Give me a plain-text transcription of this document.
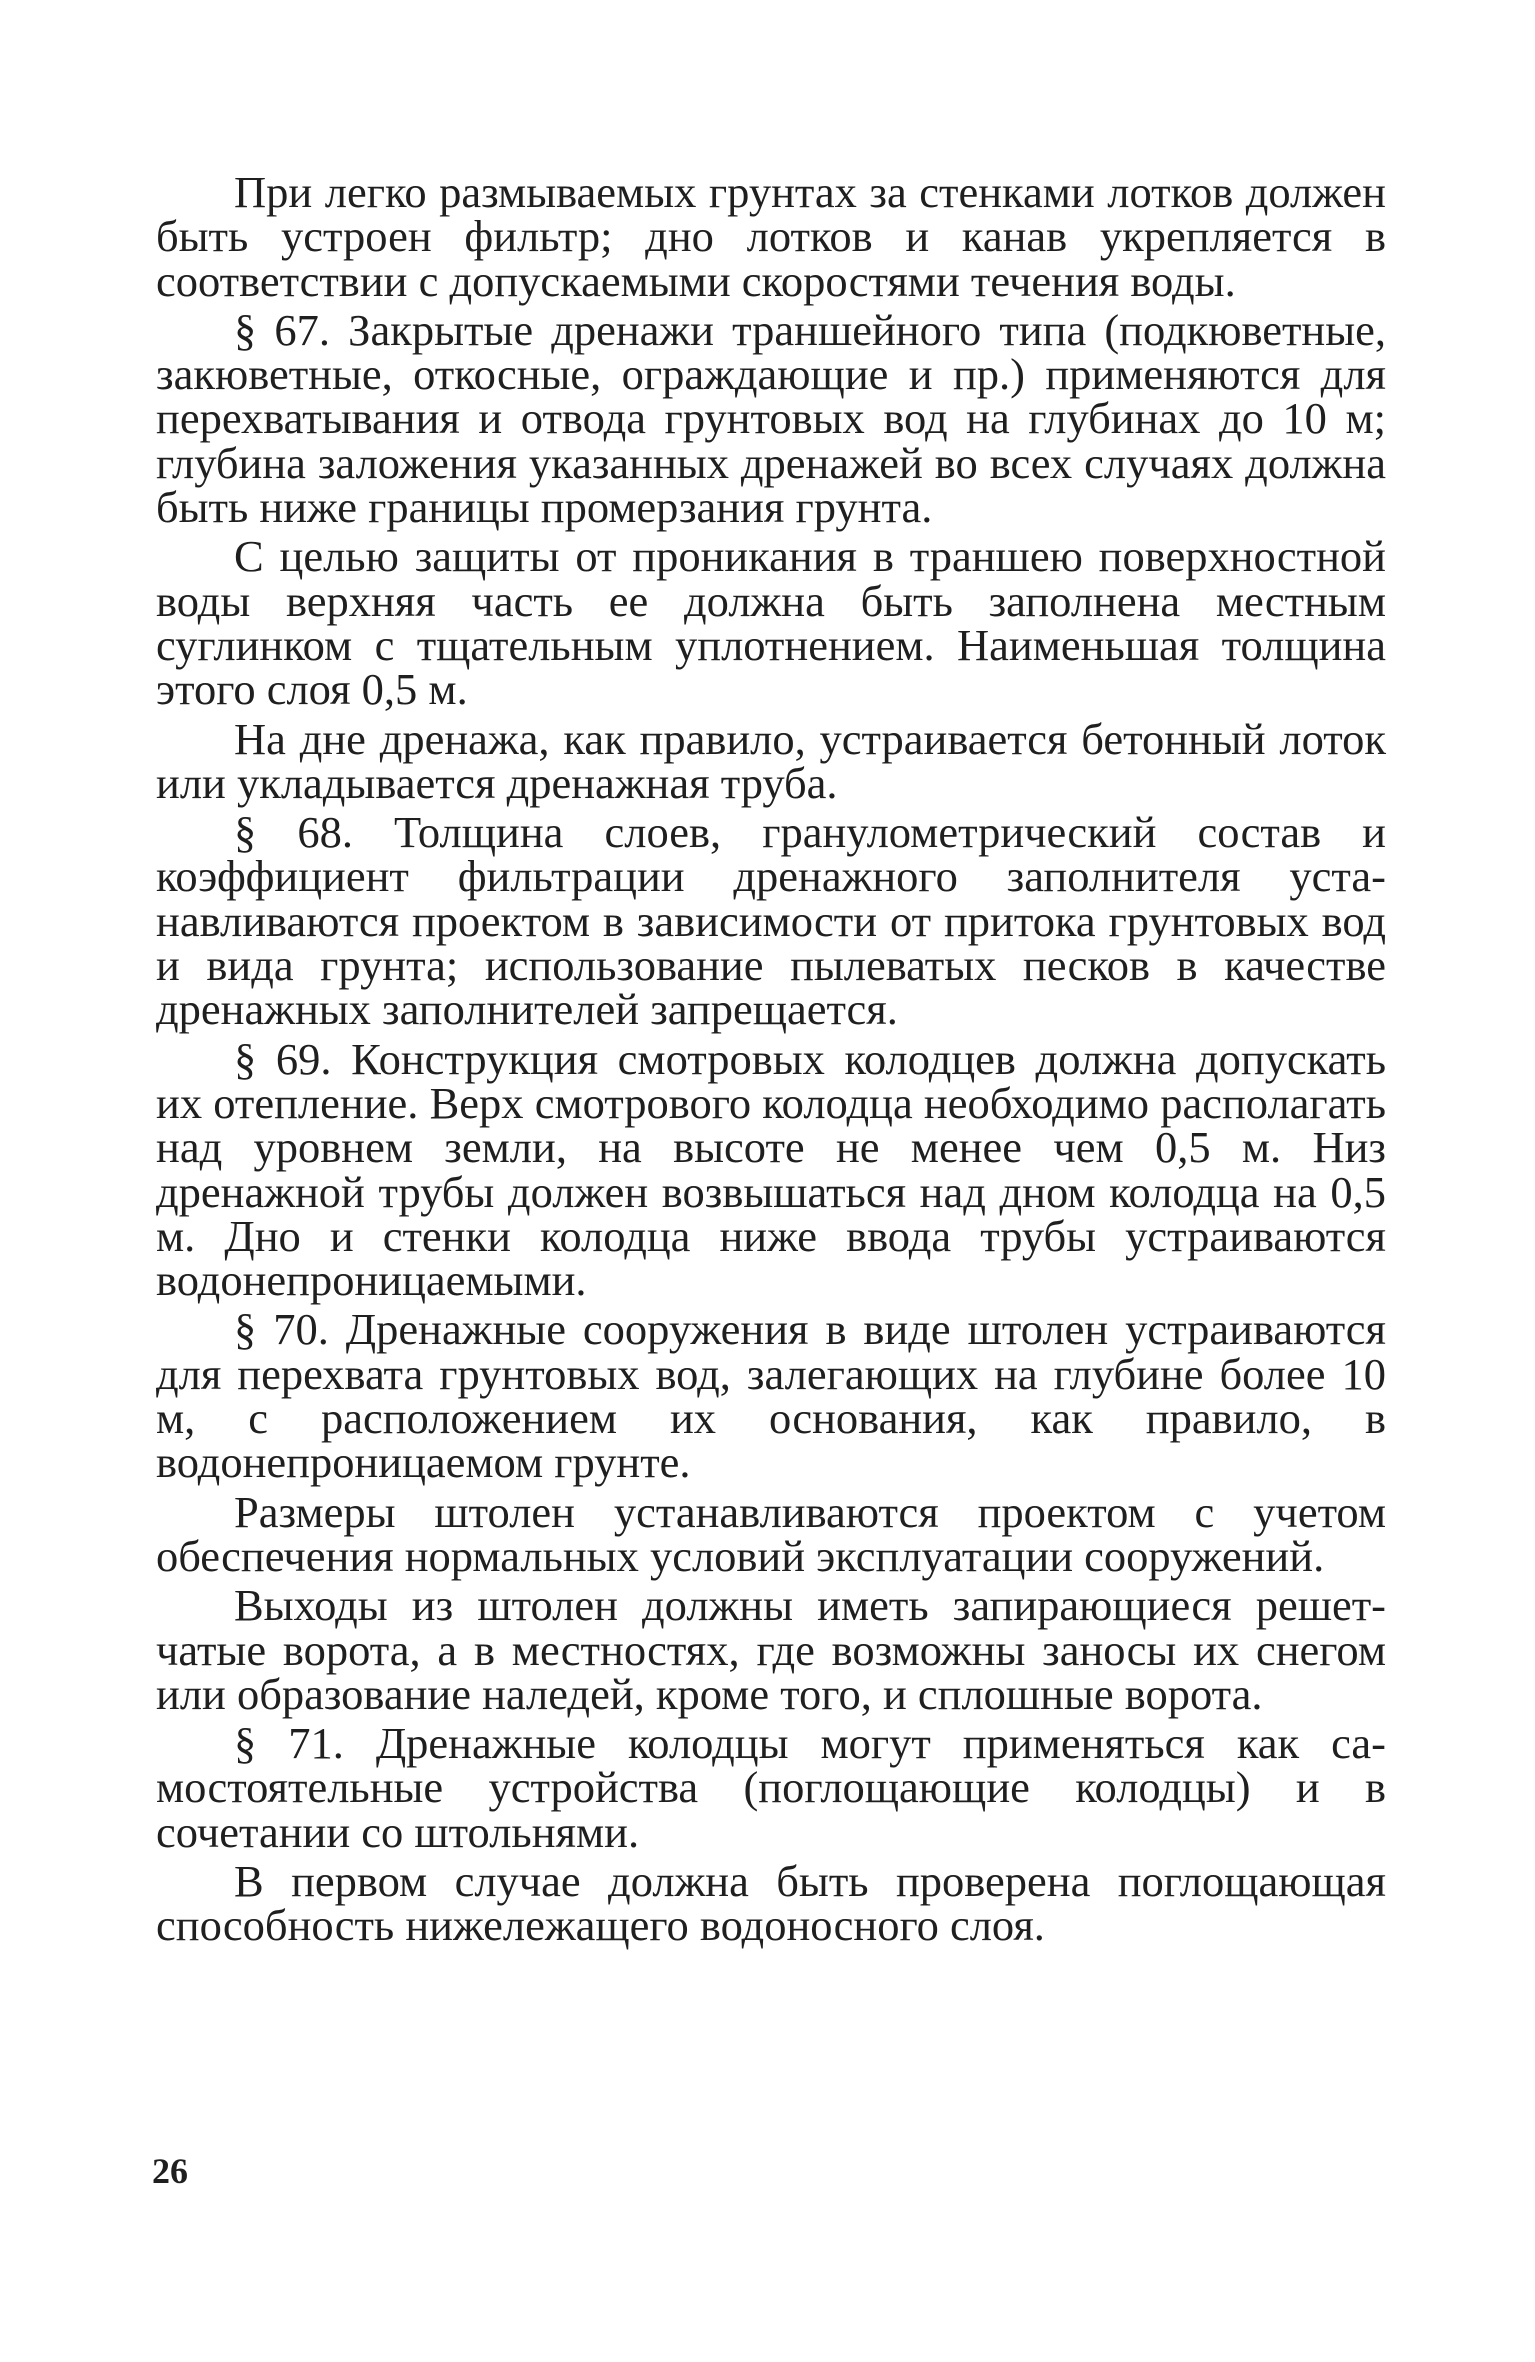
При легко размываемых грунтах за стенками лотков должен быть устроен фильтр; дно лотков и канав укрепляется в соответствии с допускаемыми скоростями течения воды.

§ 67. Закрытые дренажи траншейного типа (подкюветные, закюветные, откосные, ограждающие и пр.) применяются для перехватывания и отвода грунтовых вод на глубинах до 10 м; глубина заложения указанных дренажей во всех случаях должна быть ниже границы промерзания грунта.

С целью защиты от проникания в траншею поверхностной воды верхняя часть ее должна быть заполнена местным суглинком с тщательным уплотнением. Наименьшая толщина этого слоя 0,5 м.

На дне дренажа, как правило, устраивается бетонный лоток или укладывается дренажная труба.

§ 68. Толщина слоев, гранулометрический состав и коэффициент фильтрации дренажного заполнителя устанавливаются проектом в зависимости от притока грунтовых вод и вида грунта; использование пылеватых песков в качестве дренажных заполнителей запрещается.

§ 69. Конструкция смотровых колодцев должна допускать их отепление. Верх смотрового колодца необходимо располагать над уровнем земли, на высоте не менее чем 0,5 м. Низ дренажной трубы должен возвышаться над дном колодца на 0,5 м. Дно и стенки колодца ниже ввода трубы устраиваются водонепроницаемыми.

§ 70. Дренажные сооружения в виде штолен устраиваются для перехвата грунтовых вод, залегающих на глубине более 10 м, с расположением их основания, как правило, в водонепроницаемом грунте.

Размеры штолен устанавливаются проектом с учетом обеспечения нормальных условий эксплуатации сооружений.

Выходы из штолен должны иметь запирающиеся решетчатые ворота, а в местностях, где возможны заносы их снегом или образование наледей, кроме того, и сплошные ворота.

§ 71. Дренажные колодцы могут применяться как самостоятельные устройства (поглощающие колодцы) и в сочетании со штольнями.

В первом случае должна быть проверена поглощающая способность нижележащего водоносного слоя.

26
